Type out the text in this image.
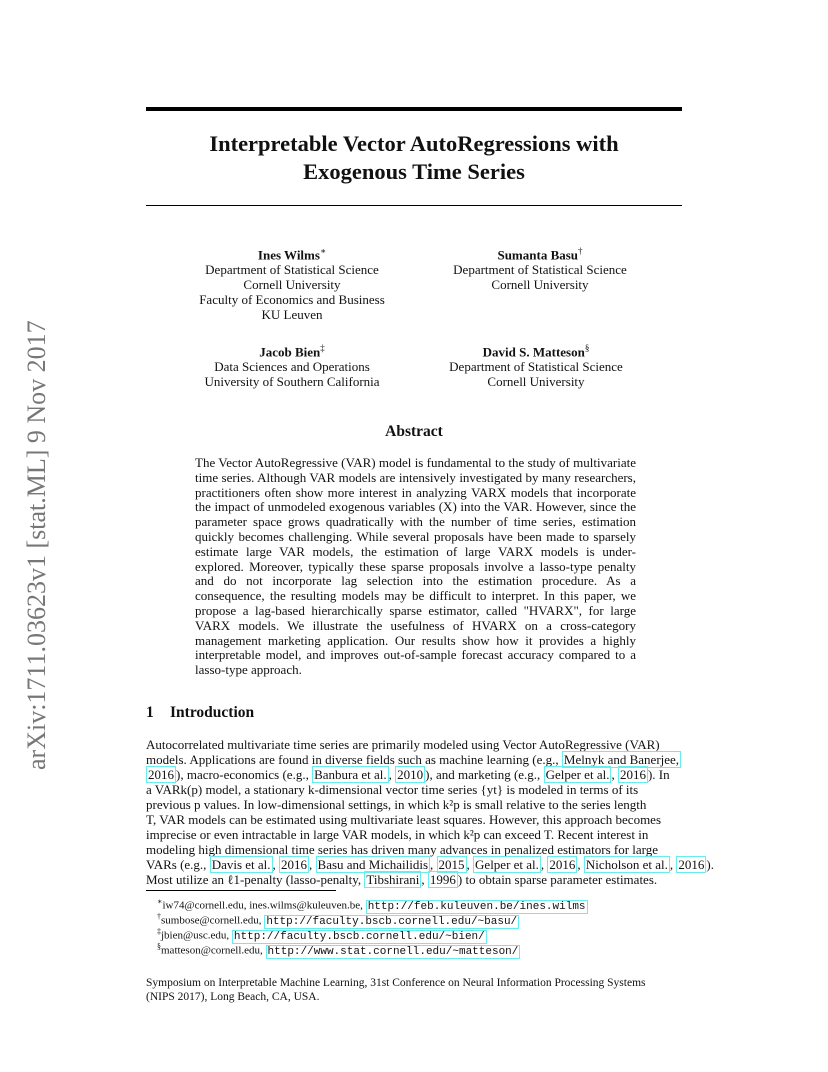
arXiv:1711.03623v1 [stat.ML] 9 Nov 2017
Interpretable Vector AutoRegressions with
Exogenous Time Series
Ines Wilms∗
Department of Statistical Science
Cornell University
Faculty of Economics and Business
KU Leuven
Sumanta Basu†
Department of Statistical Science
Cornell University
Jacob Bien‡
Data Sciences and Operations
University of Southern California
David S. Matteson§
Department of Statistical Science
Cornell University
Abstract
The Vector AutoRegressive (VAR) model is fundamental to the study of multivariate time series. Although VAR models are intensively investigated by many researchers, practitioners often show more interest in analyzing VARX models that incorporate the impact of unmodeled exogenous variables (X) into the VAR. However, since the parameter space grows quadratically with the number of time series, estimation quickly becomes challenging. While several proposals have been made to sparsely estimate large VAR models, the estimation of large VARX models is under-explored. Moreover, typically these sparse proposals involve a lasso-type penalty and do not incorporate lag selection into the estimation procedure. As a consequence, the resulting models may be difficult to interpret. In this paper, we propose a lag-based hierarchically sparse estimator, called "HVARX", for large VARX models. We illustrate the usefulness of HVARX on a cross-category management marketing application. Our results show how it provides a highly interpretable model, and improves out-of-sample forecast accuracy compared to a lasso-type approach.
1 Introduction
Autocorrelated multivariate time series are primarily modeled using Vector AutoRegressive (VAR)
models. Applications are found in diverse fields such as machine learning (e.g., Melnyk and Banerjee,
2016 ), macro-economics (e.g., Banbura et al. , 2010 ), and marketing (e.g., Gelper et al. , 2016 ). In
a VARk(p) model, a stationary k-dimensional vector time series {yt} is modeled in terms of its
previous p values. In low-dimensional settings, in which k²p is small relative to the series length
T, VAR models can be estimated using multivariate least squares. However, this approach becomes
imprecise or even intractable in large VAR models, in which k²p can exceed T. Recent interest in
modeling high dimensional time series has driven many advances in penalized estimators for large
VARs (e.g., Davis et al. , 2016 , Basu and Michailidis , 2015 , Gelper et al. , 2016 , Nicholson et al. , 2016 ).
Most utilize an ℓ1-penalty (lasso-penalty, Tibshirani , 1996 ) to obtain sparse parameter estimates.
∗iw74@cornell.edu, ines.wilms@kuleuven.be, http://feb.kuleuven.be/ines.wilms
†sumbose@cornell.edu, http://faculty.bscb.cornell.edu/~basu/
‡jbien@usc.edu, http://faculty.bscb.cornell.edu/~bien/
§matteson@cornell.edu, http://www.stat.cornell.edu/~matteson/
Symposium on Interpretable Machine Learning, 31st Conference on Neural Information Processing Systems
(NIPS 2017), Long Beach, CA, USA.
